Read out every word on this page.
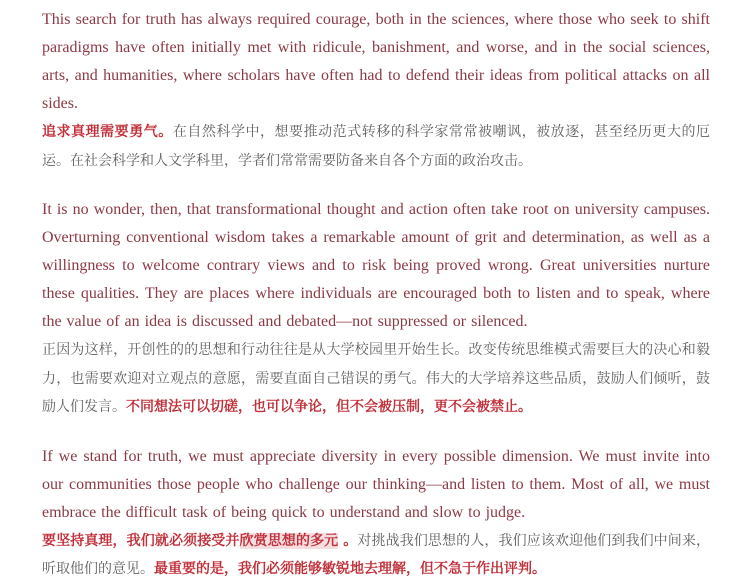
This search for truth has always required courage, both in the sciences, where those who seek to shift paradigms have often initially met with ridicule, banishment, and worse, and in the social sciences, arts, and humanities, where scholars have often had to defend their ideas from political attacks on all sides.

追求真理需要勇气。在自然科学中，想要推动范式转移的科学家常常被嘲讽，被放逐，甚至经历更大的厄运。在社会科学和人文学科里，学者们常常需要防备来自各个方面的政治攻击。

It is no wonder, then, that transformational thought and action often take root on university campuses. Overturning conventional wisdom takes a remarkable amount of grit and determination, as well as a willingness to welcome contrary views and to risk being proved wrong. Great universities nurture these qualities. They are places where individuals are encouraged both to listen and to speak, where the value of an idea is discussed and debated—not suppressed or silenced.

正因为这样，开创性的的思想和行动往往是从大学校园里开始生长。改变传统思维模式需要巨大的决心和毅力，也需要欢迎对立观点的意愿，需要直面自己错误的勇气。伟大的大学培养这些品质，鼓励人们倾听，鼓励人们发言。不同想法可以切磋，也可以争论，但不会被压制，更不会被禁止。

If we stand for truth, we must appreciate diversity in every possible dimension. We must invite into our communities those people who challenge our thinking—and listen to them. Most of all, we must embrace the difficult task of being quick to understand and slow to judge.

要坚持真理，我们就必须接受并欣赏思想的多元 。对挑战我们思想的人，我们应该欢迎他们到我们中间来，听取他们的意见。最重要的是，我们必须能够敏锐地去理解，但不急于作出评判。
